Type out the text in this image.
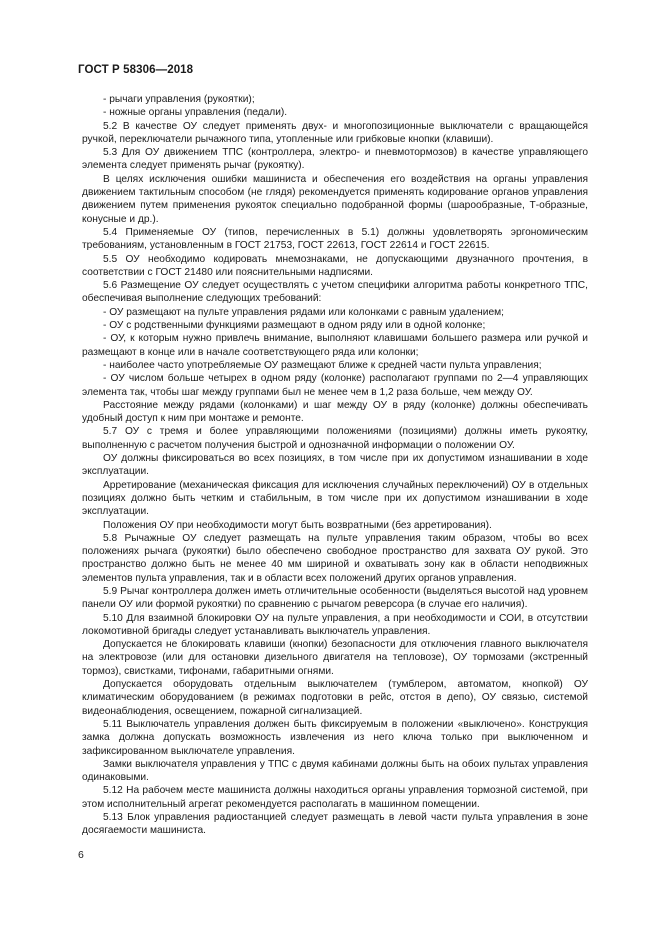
ГОСТ Р 58306—2018

- рычаги управления (рукоятки);

- ножные органы управления (педали).

5.2 В качестве ОУ следует применять двух- и многопозиционные выключатели с вращающейся ручкой, переключатели рычажного типа, утопленные или грибковые кнопки (клавиши).

5.3 Для ОУ движением ТПС (контроллера, электро- и пневмотормозов) в качестве управляющего элемента следует применять рычаг (рукоятку).

В целях исключения ошибки машиниста и обеспечения его воздействия на органы управления движением тактильным способом (не глядя) рекомендуется применять кодирование органов управления движением путем применения рукояток специально подобранной формы (шарообразные, Т-образные, конусные и др.).

5.4 Применяемые ОУ (типов, перечисленных в 5.1) должны удовлетворять эргономическим требованиям, установленным в ГОСТ 21753, ГОСТ 22613, ГОСТ 22614 и ГОСТ 22615.

5.5 ОУ необходимо кодировать мнемознаками, не допускающими двузначного прочтения, в соответствии с ГОСТ 21480 или пояснительными надписями.

5.6 Размещение ОУ следует осуществлять с учетом специфики алгоритма работы конкретного ТПС, обеспечивая выполнение следующих требований:

- ОУ размещают на пульте управления рядами или колонками с равным удалением;

- ОУ с родственными функциями размещают в одном ряду или в одной колонке;

- ОУ, к которым нужно привлечь внимание, выполняют клавишами большего размера или ручкой и размещают в конце или в начале соответствующего ряда или колонки;

- наиболее часто употребляемые ОУ размещают ближе к средней части пульта управления;

- ОУ числом больше четырех в одном ряду (колонке) располагают группами по 2—4 управляющих элемента так, чтобы шаг между группами был не менее чем в 1,2 раза больше, чем между ОУ.

Расстояние между рядами (колонками) и шаг между ОУ в ряду (колонке) должны обеспечивать удобный доступ к ним при монтаже и ремонте.

5.7 ОУ с тремя и более управляющими положениями (позициями) должны иметь рукоятку, выполненную с расчетом получения быстрой и однозначной информации о положении ОУ.

ОУ должны фиксироваться во всех позициях, в том числе при их допустимом изнашивании в ходе эксплуатации.

Арретирование (механическая фиксация для исключения случайных переключений) ОУ в отдельных позициях должно быть четким и стабильным, в том числе при их допустимом изнашивании в ходе эксплуатации.

Положения ОУ при необходимости могут быть возвратными (без арретирования).

5.8 Рычажные ОУ следует размещать на пульте управления таким образом, чтобы во всех положениях рычага (рукоятки) было обеспечено свободное пространство для захвата ОУ рукой. Это пространство должно быть не менее 40 мм шириной и охватывать зону как в области неподвижных элементов пульта управления, так и в области всех положений других органов управления.

5.9 Рычаг контроллера должен иметь отличительные особенности (выделяться высотой над уровнем панели ОУ или формой рукоятки) по сравнению с рычагом реверсора (в случае его наличия).

5.10 Для взаимной блокировки ОУ на пульте управления, а при необходимости и СОИ, в отсутствии локомотивной бригады следует устанавливать выключатель управления.

Допускается не блокировать клавиши (кнопки) безопасности для отключения главного выключателя на электровозе (или для остановки дизельного двигателя на тепловозе), ОУ тормозами (экстренный тормоз), свистками, тифонами, габаритными огнями.

Допускается оборудовать отдельным выключателем (тумблером, автоматом, кнопкой) ОУ климатическим оборудованием (в режимах подготовки в рейс, отстоя в депо), ОУ связью, системой видеонаблюдения, освещением, пожарной сигнализацией.

5.11 Выключатель управления должен быть фиксируемым в положении «выключено». Конструкция замка должна допускать возможность извлечения из него ключа только при выключенном и зафиксированном выключателе управления.

Замки выключателя управления у ТПС с двумя кабинами должны быть на обоих пультах управления одинаковыми.

5.12 На рабочем месте машиниста должны находиться органы управления тормозной системой, при этом исполнительный агрегат рекомендуется располагать в машинном помещении.

5.13 Блок управления радиостанцией следует размещать в левой части пульта управления в зоне досягаемости машиниста.

6
